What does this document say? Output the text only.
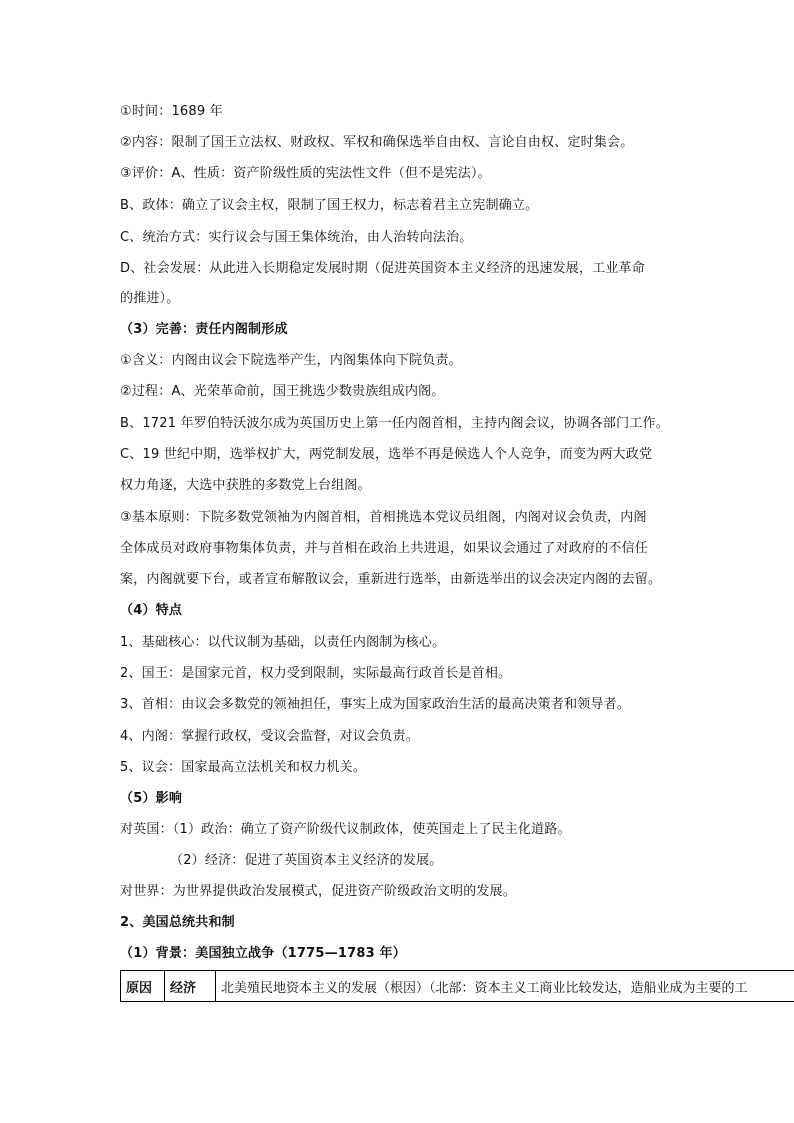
①时间：1689 年
②内容：限制了国王立法权、财政权、军权和确保选举自由权、言论自由权、定时集会。
③评价：A、性质：资产阶级性质的宪法性文件（但不是宪法）。
B、政体：确立了议会主权，限制了国王权力，标志着君主立宪制确立。
C、统治方式：实行议会与国王集体统治，由人治转向法治。
D、社会发展：从此进入长期稳定发展时期（促进英国资本主义经济的迅速发展，工业革命
的推进）。
（3）完善：责任内阁制形成
①含义：内阁由议会下院选举产生，内阁集体向下院负责。
②过程：A、光荣革命前，国王挑选少数贵族组成内阁。
B、1721 年罗伯特沃波尔成为英国历史上第一任内阁首相，主持内阁会议，协调各部门工作。
C、19 世纪中期，选举权扩大，两党制发展，选举不再是候选人个人竞争，而变为两大政党
权力角逐，大选中获胜的多数党上台组阁。
③基本原则：下院多数党领袖为内阁首相，首相挑选本党议员组阁，内阁对议会负责，内阁
全体成员对政府事物集体负责，并与首相在政治上共进退，如果议会通过了对政府的不信任
案，内阁就要下台，或者宣布解散议会，重新进行选举，由新选举出的议会决定内阁的去留。
（4）特点
1、基础核心：以代议制为基础，以责任内阁制为核心。
2、国王：是国家元首，权力受到限制，实际最高行政首长是首相。
3、首相：由议会多数党的领袖担任，事实上成为国家政治生活的最高决策者和领导者。
4、内阁：掌握行政权，受议会监督，对议会负责。
5、议会：国家最高立法机关和权力机关。
（5）影响
对英国：（1）政治：确立了资产阶级代议制政体，使英国走上了民主化道路。
（2）经济：促进了英国资本主义经济的发展。
对世界：为世界提供政治发展模式，促进资产阶级政治文明的发展。
2、美国总统共和制
（1）背景：美国独立战争（1775—1783 年）
原因	经济	北美殖民地资本主义的发展（根因）（北部：资本主义工商业比较发达，造船业成为主要的工
